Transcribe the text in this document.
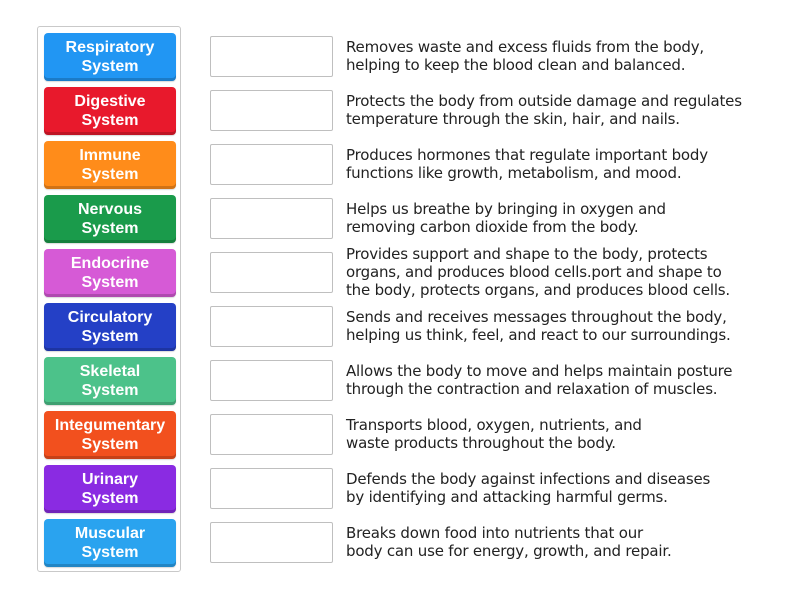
Respiratory
System
Digestive
System
Immune
System
Nervous
System
Endocrine
System
Circulatory
System
Skeletal
System
Integumentary
System
Urinary
System
Muscular
System
Removes waste and excess fluids from the body,
helping to keep the blood clean and balanced.
Protects the body from outside damage and regulates
temperature through the skin, hair, and nails.
Produces hormones that regulate important body
functions like growth, metabolism, and mood.
Helps us breathe by bringing in oxygen and
removing carbon dioxide from the body.
Provides support and shape to the body, protects
organs, and produces blood cells.port and shape to
the body, protects organs, and produces blood cells.
Sends and receives messages throughout the body,
helping us think, feel, and react to our surroundings.
Allows the body to move and helps maintain posture
through the contraction and relaxation of muscles.
Transports blood, oxygen, nutrients, and
waste products throughout the body.
Defends the body against infections and diseases
by identifying and attacking harmful germs.
Breaks down food into nutrients that our
body can use for energy, growth, and repair.
